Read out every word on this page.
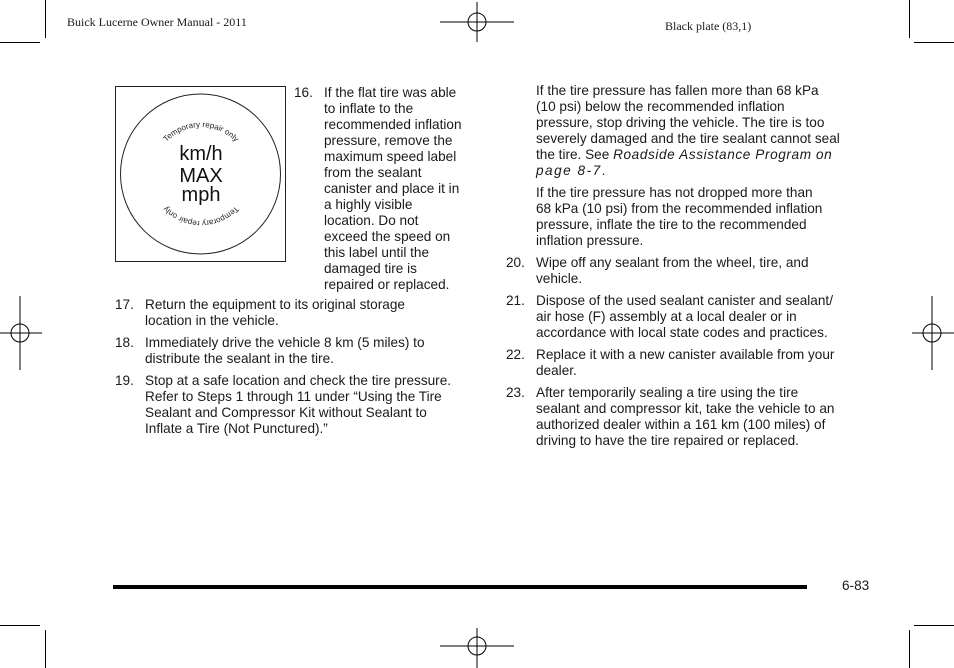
Buick Lucerne Owner Manual - 2011	Black plate (83,1)
Temporary repair only
Temporary repair only
km/h
MAX
mph
16. If the flat tire was able
to inflate to the
recommended inflation
pressure, remove the
maximum speed label
from the sealant
canister and place it in
a highly visible
location. Do not
exceed the speed on
this label until the
damaged tire is
repaired or replaced.
17. Return the equipment to its original storage
location in the vehicle.
18. Immediately drive the vehicle 8 km (5 miles) to
distribute the sealant in the tire.
19. Stop at a safe location and check the tire pressure.
Refer to Steps 1 through 11 under “Using the Tire
Sealant and Compressor Kit without Sealant to
Inflate a Tire (Not Punctured).”
If the tire pressure has fallen more than 68 kPa
(10 psi) below the recommended inflation
pressure, stop driving the vehicle. The tire is too
severely damaged and the tire sealant cannot seal
the tire. See Roadside Assistance Program on
page 8-7.
If the tire pressure has not dropped more than
68 kPa (10 psi) from the recommended inflation
pressure, inflate the tire to the recommended
inflation pressure.
20. Wipe off any sealant from the wheel, tire, and
vehicle.
21. Dispose of the used sealant canister and sealant/
air hose (F) assembly at a local dealer or in
accordance with local state codes and practices.
22. Replace it with a new canister available from your
dealer.
23. After temporarily sealing a tire using the tire
sealant and compressor kit, take the vehicle to an
authorized dealer within a 161 km (100 miles) of
driving to have the tire repaired or replaced.
6-83
